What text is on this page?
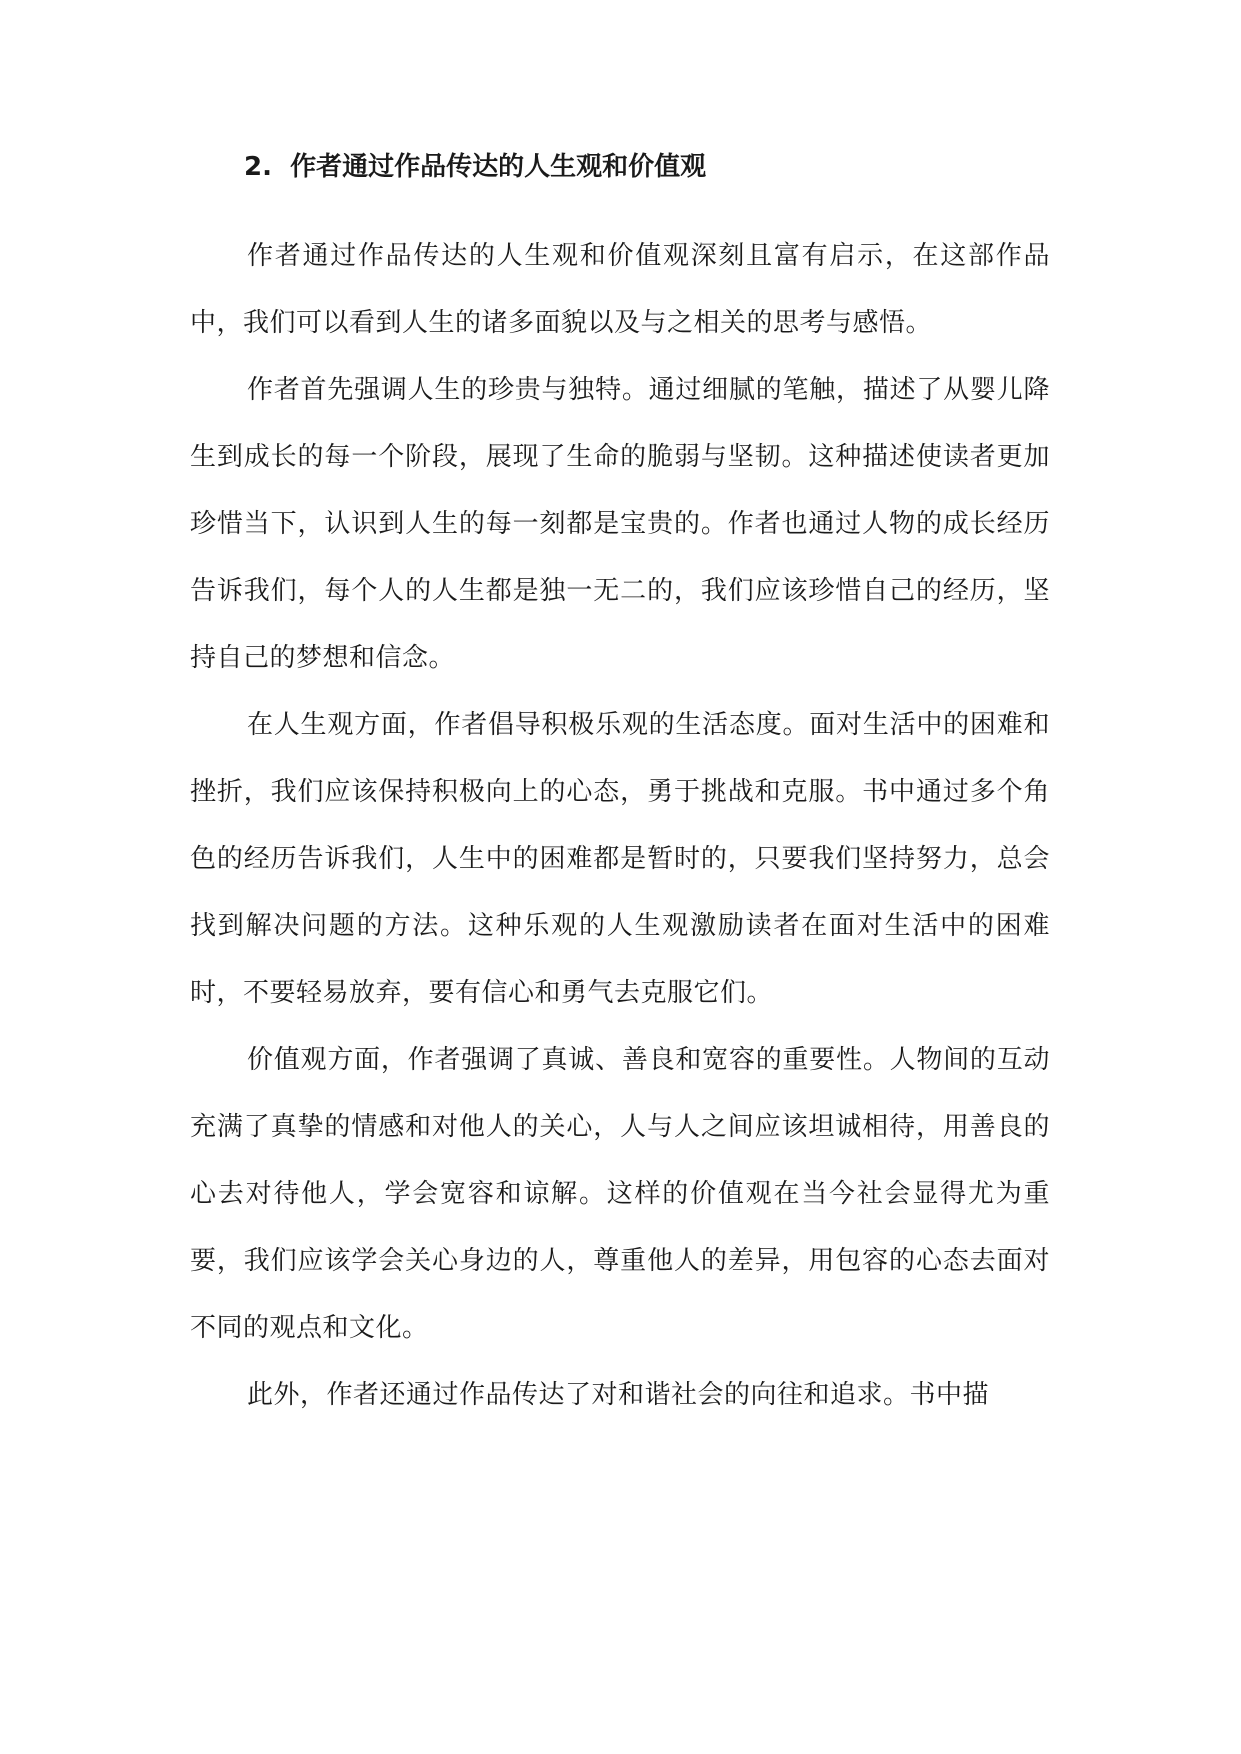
2. 作者通过作品传达的人生观和价值观

作者通过作品传达的人生观和价值观深刻且富有启示，在这部作品中，我们可以看到人生的诸多面貌以及与之相关的思考与感悟。

作者首先强调人生的珍贵与独特。通过细腻的笔触，描述了从婴儿降生到成长的每一个阶段，展现了生命的脆弱与坚韧。这种描述使读者更加珍惜当下，认识到人生的每一刻都是宝贵的。作者也通过人物的成长经历告诉我们，每个人的人生都是独一无二的，我们应该珍惜自己的经历，坚持自己的梦想和信念。

在人生观方面，作者倡导积极乐观的生活态度。面对生活中的困难和挫折，我们应该保持积极向上的心态，勇于挑战和克服。书中通过多个角色的经历告诉我们，人生中的困难都是暂时的，只要我们坚持努力，总会找到解决问题的方法。这种乐观的人生观激励读者在面对生活中的困难时，不要轻易放弃，要有信心和勇气去克服它们。

价值观方面，作者强调了真诚、善良和宽容的重要性。人物间的互动充满了真挚的情感和对他人的关心，人与人之间应该坦诚相待，用善良的心去对待他人，学会宽容和谅解。这样的价值观在当今社会显得尤为重要，我们应该学会关心身边的人，尊重他人的差异，用包容的心态去面对不同的观点和文化。

此外，作者还通过作品传达了对和谐社会的向往和追求。书中描
